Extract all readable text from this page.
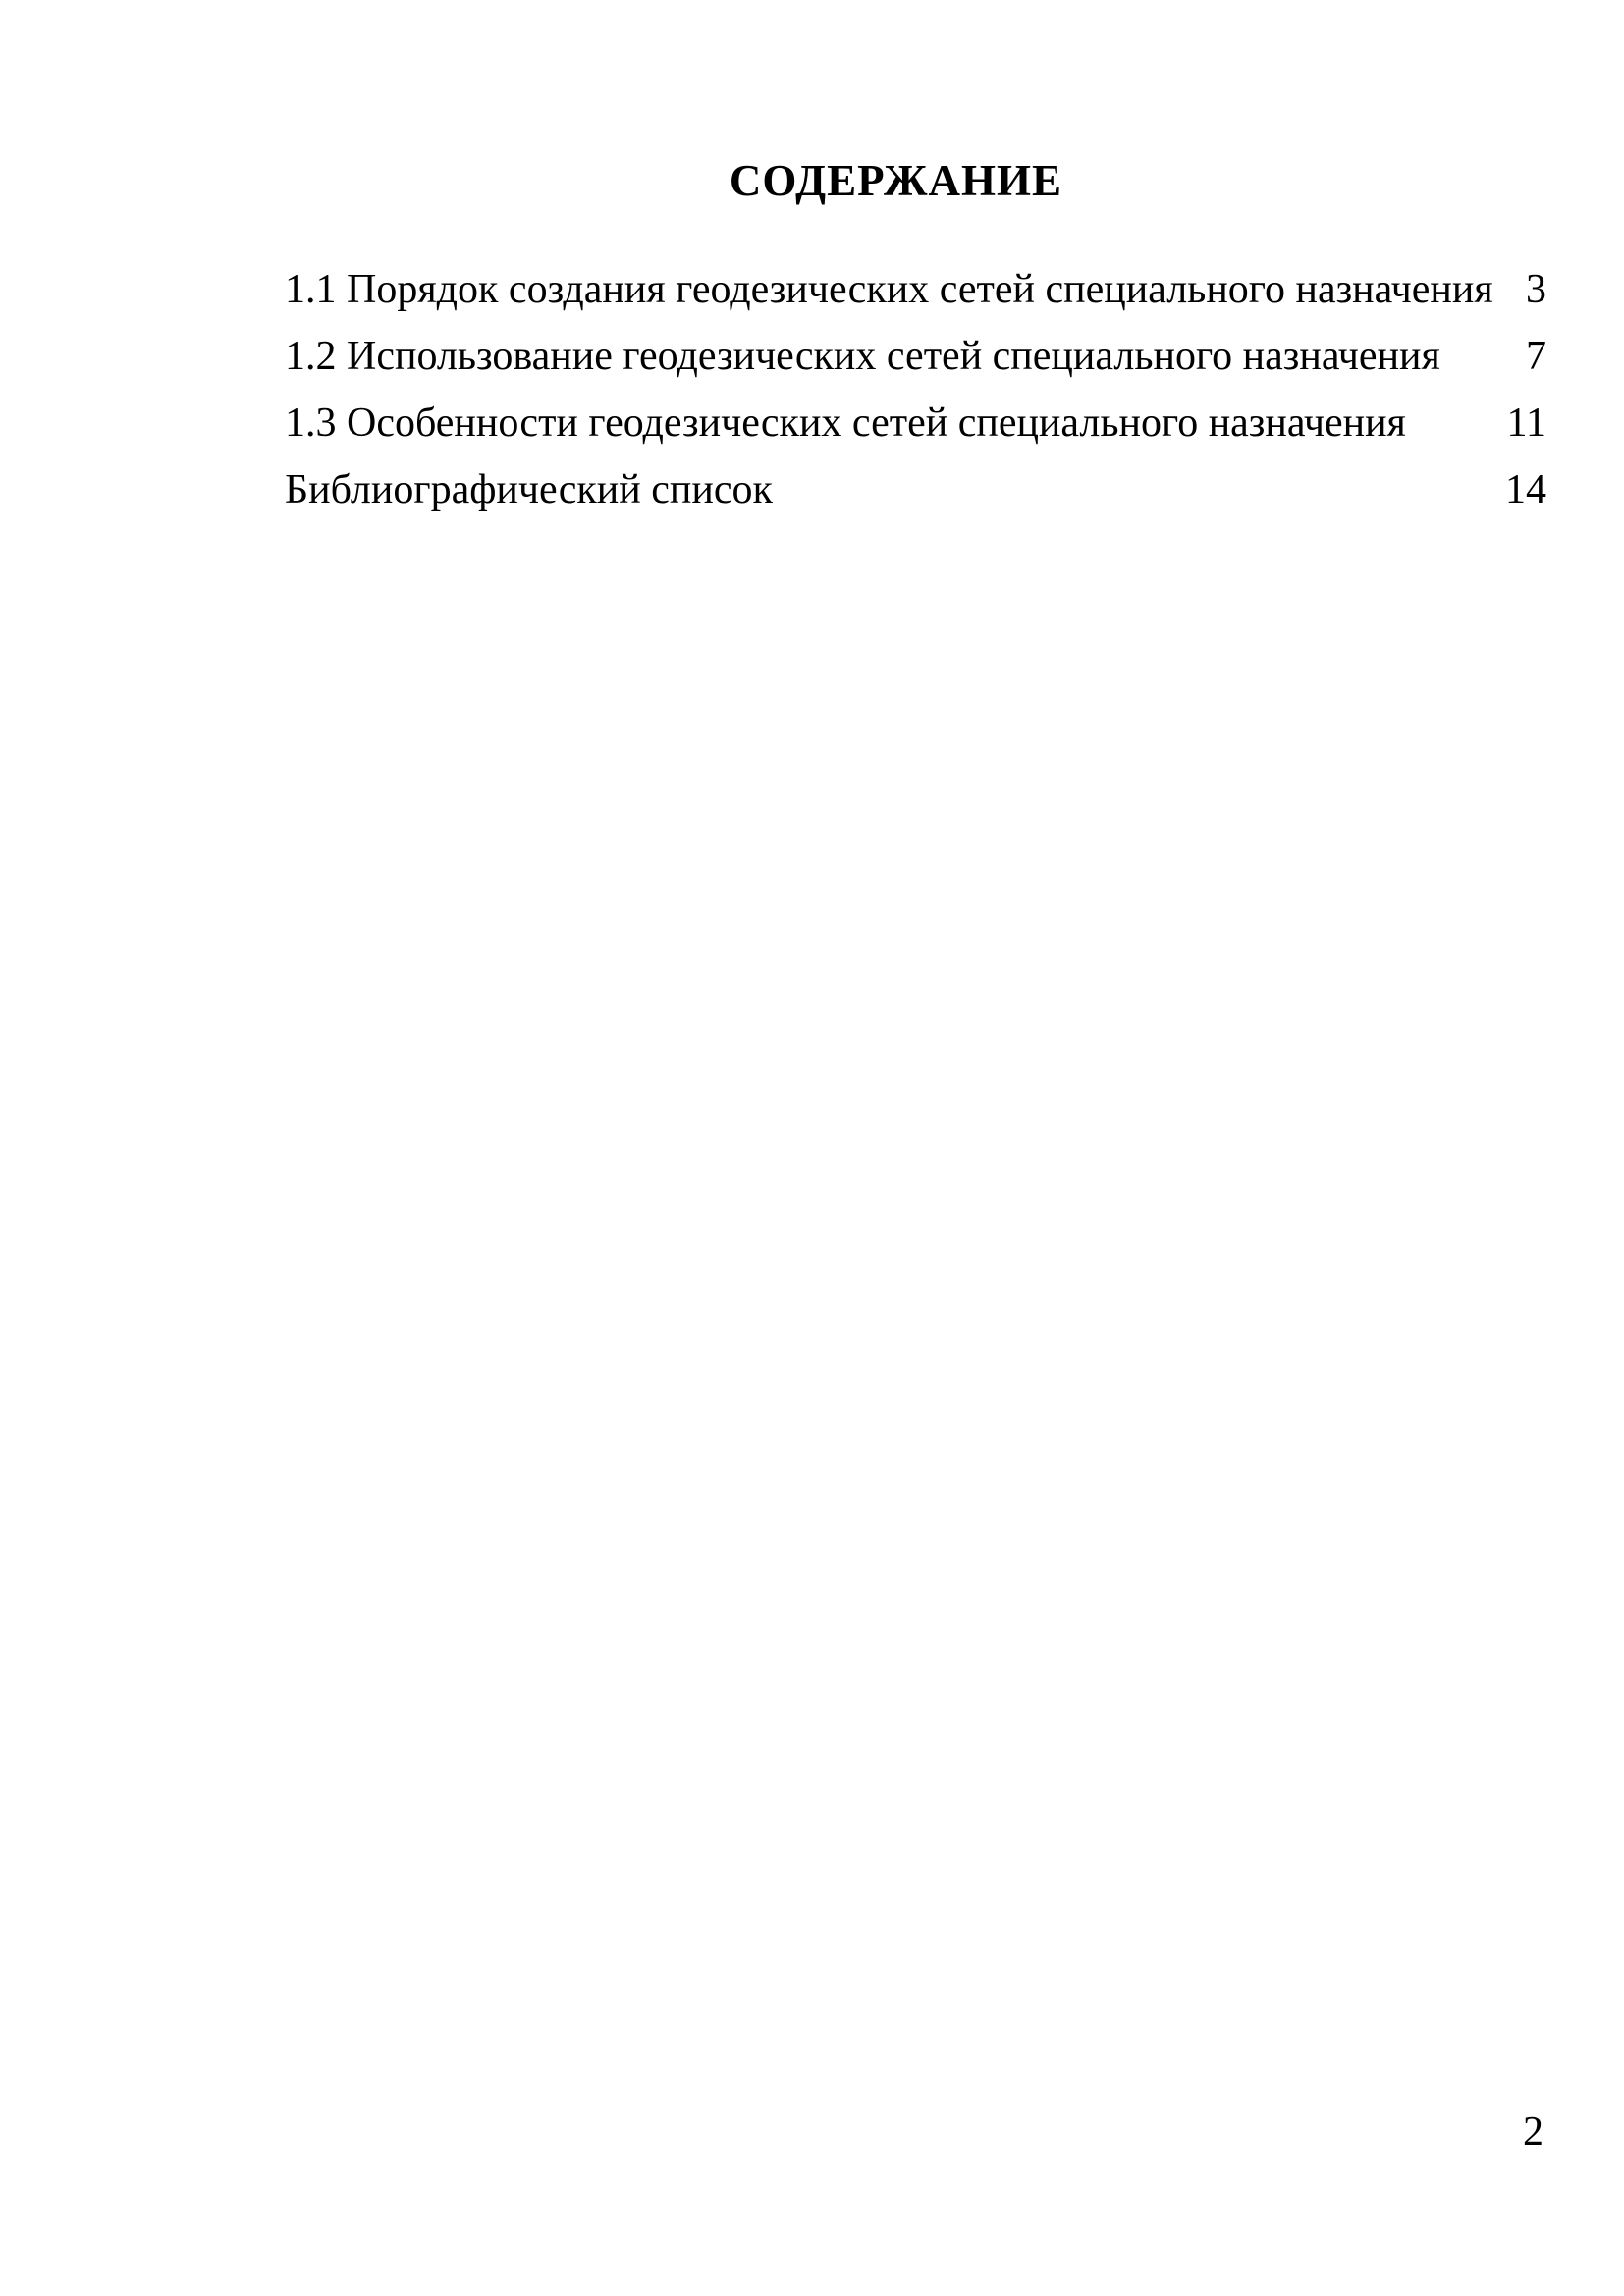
СОДЕРЖАНИЕ
1.1 Порядок создания геодезических сетей специального назначения 3
1.2 Использование геодезических сетей специального назначения 7
1.3 Особенности геодезических сетей специального назначения 11
Библиографический список	14
2
